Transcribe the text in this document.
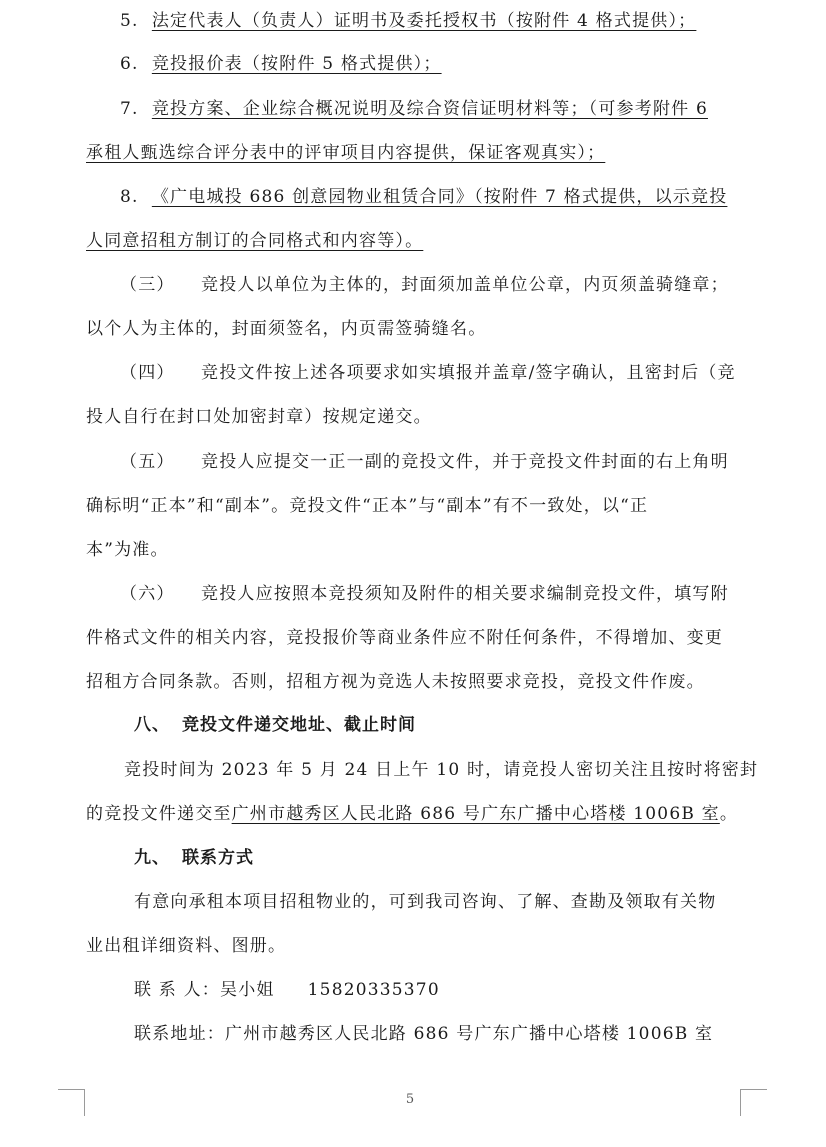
5. 法定代表人（负责人）证明书及委托授权书（按附件 4 格式提供）；
6. 竞投报价表（按附件 5 格式提供）；
7. 竞投方案、企业综合概况说明及综合资信证明材料等；（可参考附件 6
承租人甄选综合评分表中的评审项目内容提供，保证客观真实）；
8. 《广电城投 686 创意园物业租赁合同》（按附件 7 格式提供，以示竞投
人同意招租方制订的合同格式和内容等）。
（三） 竞投人以单位为主体的，封面须加盖单位公章，内页须盖骑缝章；
以个人为主体的，封面须签名，内页需签骑缝名。
（四） 竞投文件按上述各项要求如实填报并盖章/签字确认，且密封后（竞
投人自行在封口处加密封章）按规定递交。
（五） 竞投人应提交一正一副的竞投文件，并于竞投文件封面的右上角明
确标明“正本”和“副本”。竞投文件“正本”与“副本”有不一致处，以“正
本”为准。
（六） 竞投人应按照本竞投须知及附件的相关要求编制竞投文件，填写附
件格式文件的相关内容，竞投报价等商业条件应不附任何条件，不得增加、变更
招租方合同条款。否则，招租方视为竞选人未按照要求竞投，竞投文件作废。
八、 竞投文件递交地址、截止时间
竞投时间为 2023 年 5 月 24 日上午 10 时，请竞投人密切关注且按时将密封
的竞投文件递交至广州市越秀区人民北路 686 号广东广播中心塔楼 1006B 室。
九、 联系方式
有意向承租本项目招租物业的，可到我司咨询、了解、查勘及领取有关物
业出租详细资料、图册。
联 系 人：吴小姐 15820335370
联系地址：广州市越秀区人民北路 686 号广东广播中心塔楼 1006B 室
5
